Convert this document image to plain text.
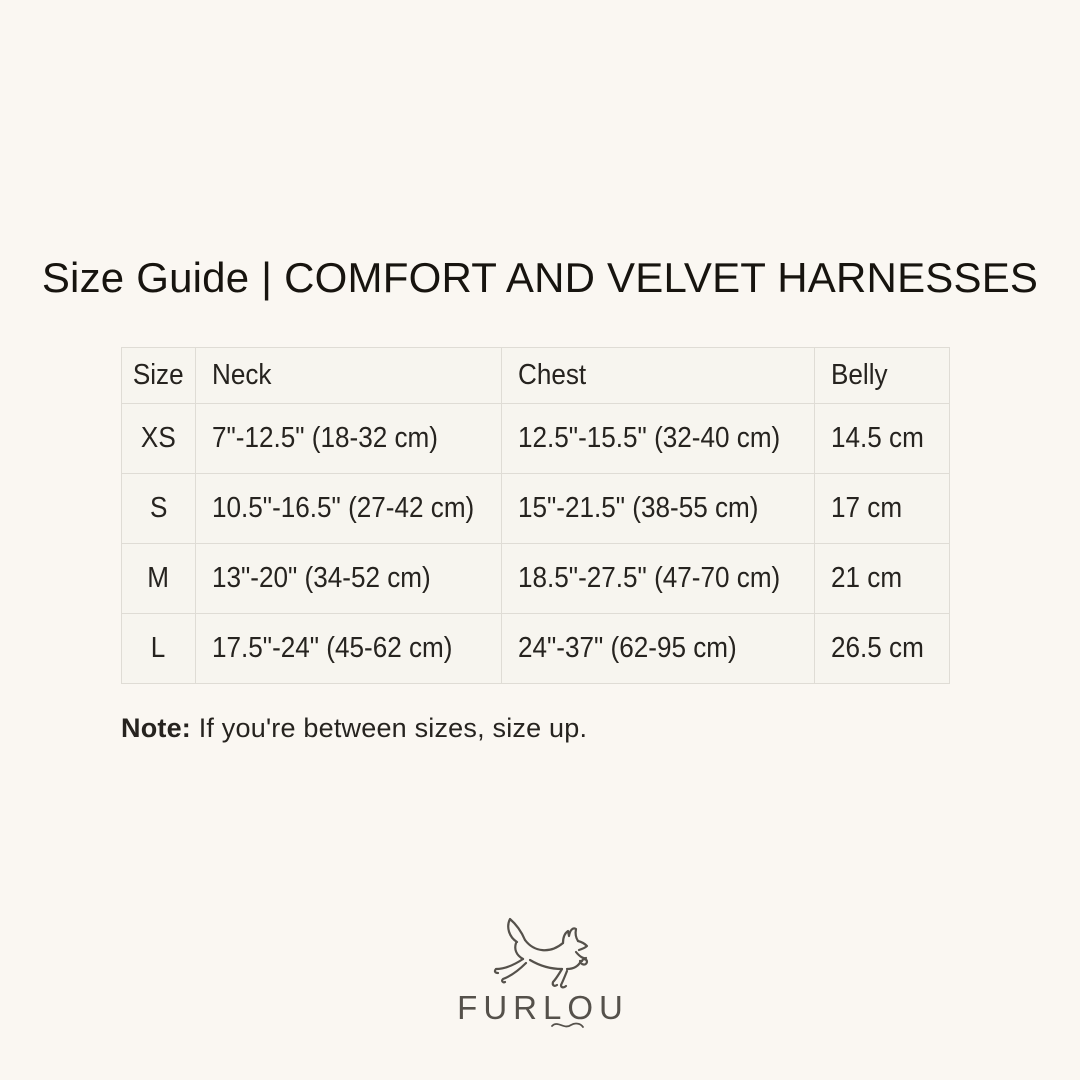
Size Guide | COMFORT AND VELVET HARNESSES
Size	Neck	Chest	Belly
XS	7"-12.5" (18-32 cm)	12.5"-15.5" (32-40 cm)	14.5 cm
S	10.5"-16.5" (27-42 cm)	15"-21.5" (38-55 cm)	17 cm
M	13"-20" (34-52 cm)	18.5"-27.5" (47-70 cm)	21 cm
L	17.5"-24" (45-62 cm)	24"-37" (62-95 cm)	26.5 cm
Note: If you're between sizes, size up.
FURLOU
